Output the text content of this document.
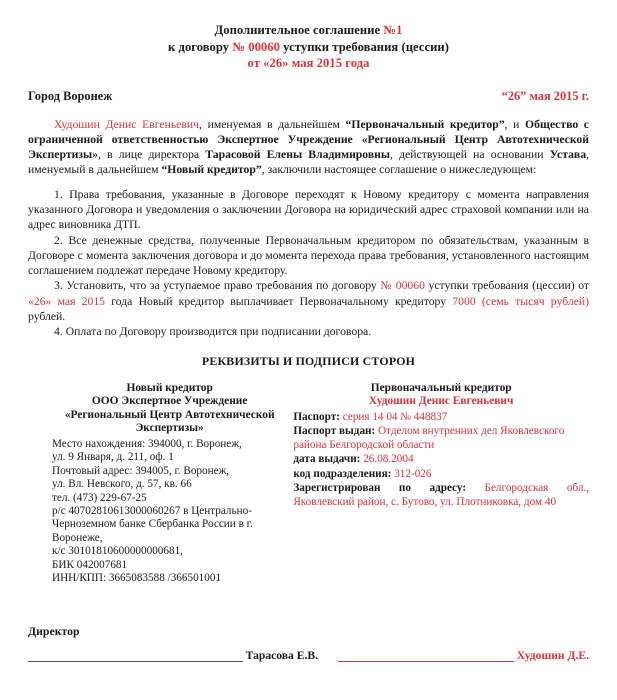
Дополнительное соглашение №1
к договору № 00060 уступки требования (цессии)
от «26» мая 2015 года
Город Воронеж	“26” мая 2015 г.

Худошин Денис Евгеньевич, именуемая в дальнейшем “Первоначальный кредитор”, и Общество с ограниченной ответственностью Экспертное Учреждение «Региональный Центр Автотехнической Экспертизы», в лице директора Тарасовой Елены Владимировны, действующей на основании Устава, именуемый в дальнейшем “Новый кредитор”, заключили настоящее соглашение о нижеследующем:

1. Права требования, указанные в Договоре переходят к Новому кредитору с момента направления указанного Договора и уведомления о заключении Договора на юридический адрес страховой компании или на адрес виновника ДТП.

2. Все денежные средства, полученные Первоначальным кредитором по обязательствам, указанным в Договоре с момента заключения договора и до момента перехода права требования, установленного настоящим соглашением подлежат передаче Новому кредитору.

3. Установить, что за уступаемое право требования по договору № 00060 уступки требования (цессии) от «26» мая 2015 года Новый кредитор выплачивает Первоначальному кредитору 7000 (семь тысяч рублей) рублей.

4. Оплата по Договору производится при подписании договора.

РЕКВИЗИТЫ И ПОДПИСИ СТОРОН
Новый кредитор
ООО Экспертное Учреждение
«Региональный Центр Автотехнической
Экспертизы»
Место нахождения: 394000, г. Воронеж,
ул. 9 Января, д. 211, оф. 1
Почтовый адрес: 394005, г. Воронеж,
ул. Вл. Невского, д. 57, кв. 66
тел. (473) 229-67-25
р/с 40702810613000060267 в Центрально-
Черноземном банке Сбербанка России в г.
Воронеже,
к/с 30101810600000000681,
БИК 042007681
ИНН/КПП: 3665083588 /366501001
Первоначальный кредитор
Худошин Денис Евгеньевич
Паспорт: серия 14 04 № 448837
Паспорт выдан: Отделом внутренних дел Яковлевского района Белгородской области
дата выдачи: 26.08.2004
код подразделения: 312-026
Зарегистрирован по адресу: Белгородская обл., Яковлевский район, с. Бутово, ул. Плотниковка, дом 40
Директор
Тарасова Е.В.	Худошин Д.Е.
